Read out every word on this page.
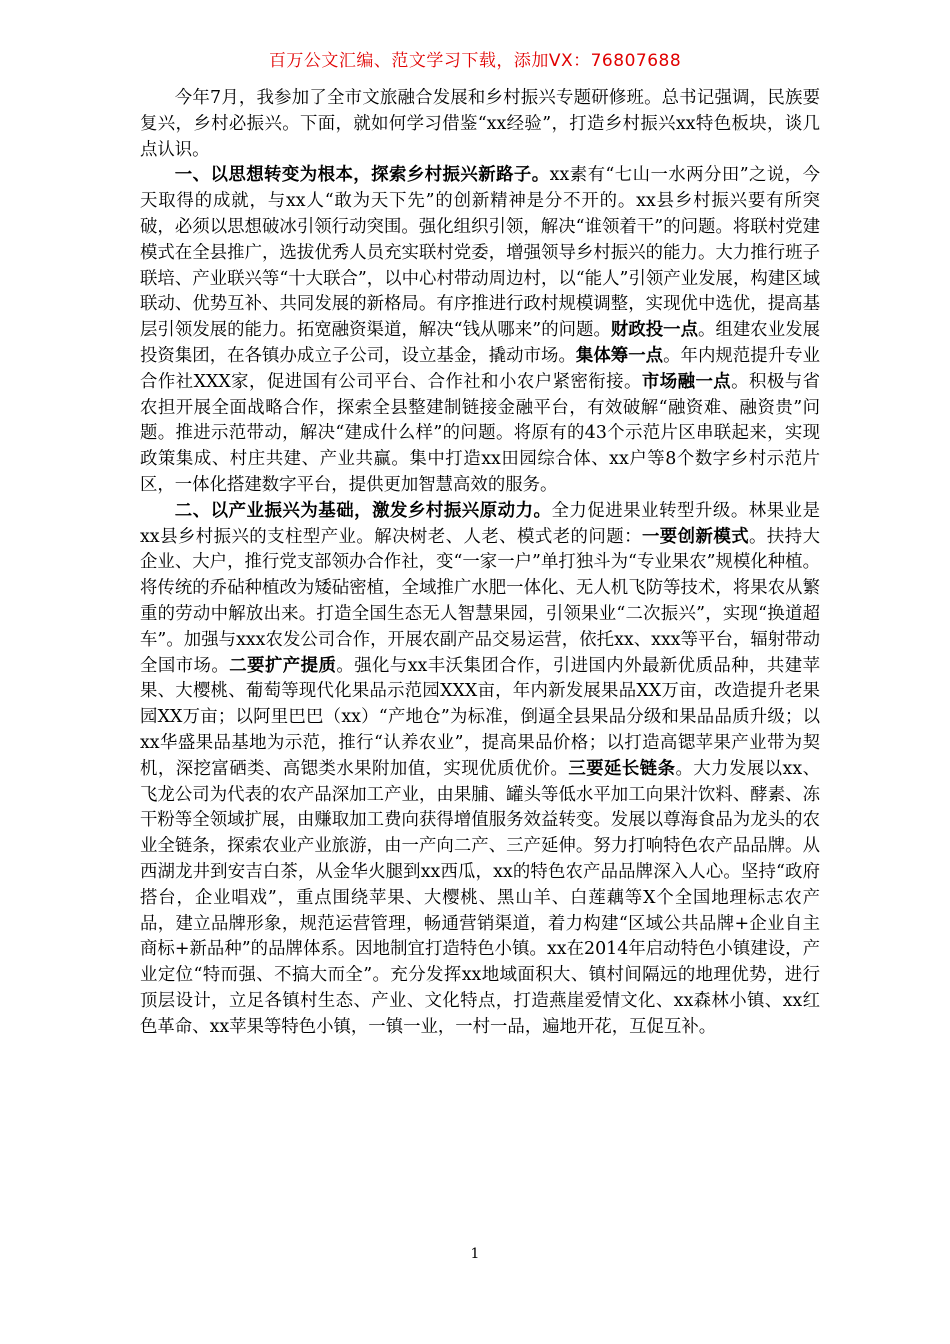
百万公文汇编、范文学习下载，添加VX：76807688

今年7月，我参加了全市文旅融合发展和乡村振兴专题研修班。总书记强调，民族要复兴，乡村必振兴。下面，就如何学习借鉴“xx经验”，打造乡村振兴xx特色板块，谈几点认识。

一、以思想转变为根本，探索乡村振兴新路子。xx素有“七山一水两分田”之说，今天取得的成就，与xx人“敢为天下先”的创新精神是分不开的。xx县乡村振兴要有所突破，必须以思想破冰引领行动突围。强化组织引领，解决“谁领着干”的问题。将联村党建模式在全县推广，选拔优秀人员充实联村党委，增强领导乡村振兴的能力。大力推行班子联培、产业联兴等“十大联合”，以中心村带动周边村，以“能人”引领产业发展，构建区域联动、优势互补、共同发展的新格局。有序推进行政村规模调整，实现优中选优，提高基层引领发展的能力。拓宽融资渠道，解决“钱从哪来”的问题。财政投一点。组建农业发展投资集团，在各镇办成立子公司，设立基金，撬动市场。集体筹一点。年内规范提升专业合作社XXX家，促进国有公司平台、合作社和小农户紧密衔接。市场融一点。积极与省农担开展全面战略合作，探索全县整建制链接金融平台，有效破解“融资难、融资贵”问题。推进示范带动，解决“建成什么样”的问题。将原有的43个示范片区串联起来，实现政策集成、村庄共建、产业共赢。集中打造xx田园综合体、xx户等8个数字乡村示范片区，一体化搭建数字平台，提供更加智慧高效的服务。

二、以产业振兴为基础，激发乡村振兴原动力。全力促进果业转型升级。林果业是xx县乡村振兴的支柱型产业。解决树老、人老、模式老的问题：一要创新模式。扶持大企业、大户，推行党支部领办合作社，变“一家一户”单打独斗为“专业果农”规模化种植。将传统的乔砧种植改为矮砧密植，全域推广水肥一体化、无人机飞防等技术，将果农从繁重的劳动中解放出来。打造全国生态无人智慧果园，引领果业“二次振兴”，实现“换道超车”。加强与xxx农发公司合作，开展农副产品交易运营，依托xx、xxx等平台，辐射带动全国市场。二要扩产提质。强化与xx丰沃集团合作，引进国内外最新优质品种，共建苹果、大樱桃、葡萄等现代化果品示范园XXX亩，年内新发展果品XX万亩，改造提升老果园XX万亩；以阿里巴巴（xx）“产地仓”为标准，倒逼全县果品分级和果品品质升级；以xx华盛果品基地为示范，推行“认养农业”，提高果品价格；以打造高锶苹果产业带为契机，深挖富硒类、高锶类水果附加值，实现优质优价。三要延长链条。大力发展以xx、飞龙公司为代表的农产品深加工产业，由果脯、罐头等低水平加工向果汁饮料、酵素、冻干粉等全领域扩展，由赚取加工费向获得增值服务效益转变。发展以尊海食品为龙头的农业全链条，探索农业产业旅游，由一产向二产、三产延伸。努力打响特色农产品品牌。从西湖龙井到安吉白茶，从金华火腿到xx西瓜，xx的特色农产品品牌深入人心。坚持“政府搭台，企业唱戏”，重点围绕苹果、大樱桃、黑山羊、白莲藕等X个全国地理标志农产品，建立品牌形象，规范运营管理，畅通营销渠道，着力构建“区域公共品牌+企业自主商标+新品种”的品牌体系。因地制宜打造特色小镇。xx在2014年启动特色小镇建设，产业定位“特而强、不搞大而全”。充分发挥xx地域面积大、镇村间隔远的地理优势，进行顶层设计，立足各镇村生态、产业、文化特点，打造燕崖爱情文化、xx森林小镇、xx红色革命、xx苹果等特色小镇，一镇一业，一村一品，遍地开花，互促互补。

1
